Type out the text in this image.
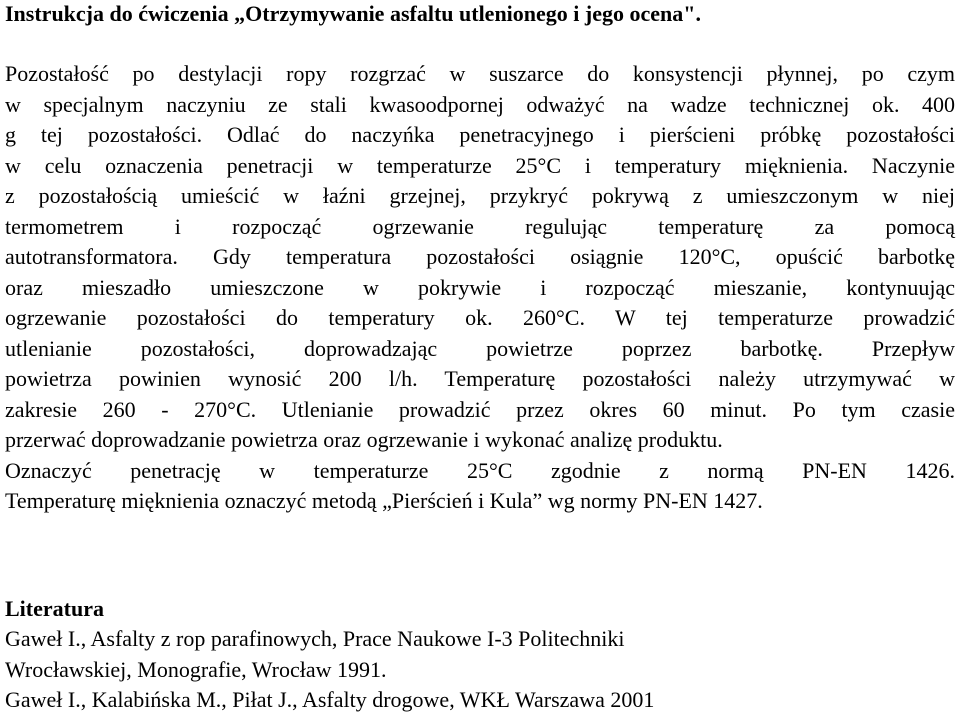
Instrukcja do ćwiczenia „Otrzymywanie asfaltu utlenionego i jego ocena".

Pozostałość po destylacji ropy rozgrzać w suszarce do konsystencji płynnej, po czym
w specjalnym naczyniu ze stali kwasoodpornej odważyć na wadze technicznej ok. 400
g tej pozostałości. Odlać do naczyńka penetracyjnego i pierścieni próbkę pozostałości
w celu oznaczenia penetracji w temperaturze 25°C i temperatury mięknienia. Naczynie
z pozostałością umieścić w łaźni grzejnej, przykryć pokrywą z umieszczonym w niej
termometrem i rozpocząć ogrzewanie regulując temperaturę za pomocą
autotransformatora. Gdy temperatura pozostałości osiągnie 120°C, opuścić barbotkę
oraz mieszadło umieszczone w pokrywie i rozpocząć mieszanie, kontynuując
ogrzewanie pozostałości do temperatury ok. 260°C. W tej temperaturze prowadzić
utlenianie pozostałości, doprowadzając powietrze poprzez barbotkę. Przepływ
powietrza powinien wynosić 200 l/h. Temperaturę pozostałości należy utrzymywać w
zakresie 260 - 270°C. Utlenianie prowadzić przez okres 60 minut. Po tym czasie
przerwać doprowadzanie powietrza oraz ogrzewanie i wykonać analizę produktu.
Oznaczyć penetrację w temperaturze 25°C zgodnie z normą PN-EN 1426.
Temperaturę mięknienia oznaczyć metodą „Pierścień i Kula” wg normy PN-EN 1427.

Literatura

Gaweł I., Asfalty z rop parafinowych, Prace Naukowe I-3 Politechniki
Wrocławskiej, Monografie, Wrocław 1991.
Gaweł I., Kalabińska M., Piłat J., Asfalty drogowe, WKŁ Warszawa 2001
